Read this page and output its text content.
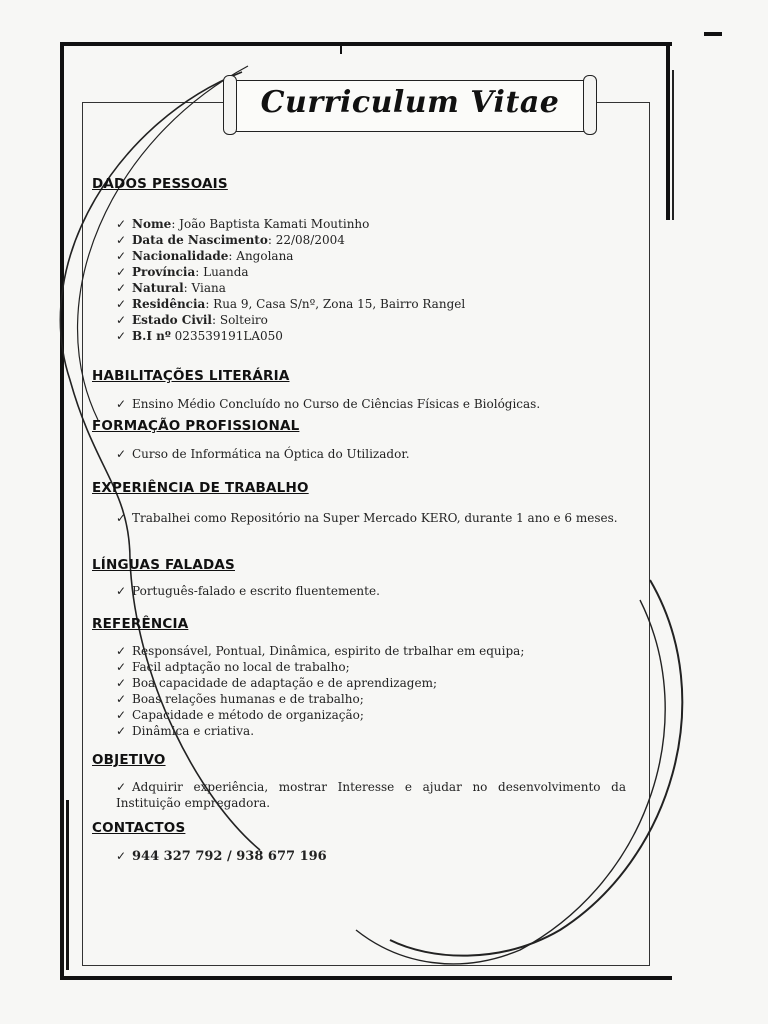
Curriculum Vitae
DADOS PESSOAIS
✓ Nome: João Baptista Kamati Moutinho
✓ Data de Nascimento: 22/08/2004
✓ Nacionalidade: Angolana
✓ Província: Luanda
✓ Natural: Viana
✓ Residência: Rua 9, Casa S/nº, Zona 15, Bairro Rangel
✓ Estado Civil: Solteiro
✓ B.I nº 023539191LA050
HABILITAÇÕES LITERÁRIA
✓ Ensino Médio Concluído no Curso de Ciências Físicas e Biológicas.
FORMAÇÃO PROFISSIONAL
✓ Curso de Informática na Óptica do Utilizador.
EXPERIÊNCIA DE TRABALHO
✓ Trabalhei como Repositório na Super Mercado KERO, durante 1 ano e 6 meses.
LÍNGUAS FALADAS
✓ Português-falado e escrito fluentemente.
REFERÊNCIA
✓ Responsável, Pontual, Dinâmica, espirito de trbalhar em equipa;
✓ Facil adptação no local de trabalho;
✓ Boa capacidade de adaptação e de aprendizagem;
✓ Boas relações humanas e de trabalho;
✓ Capacidade e método de organização;
✓ Dinâmica e criativa.
OBJETIVO
✓ Adquirir experiência, mostrar Interesse e ajudar no desenvolvimento da Instituição empregadora.
CONTACTOS
✓ 944 327 792 / 938 677 196
